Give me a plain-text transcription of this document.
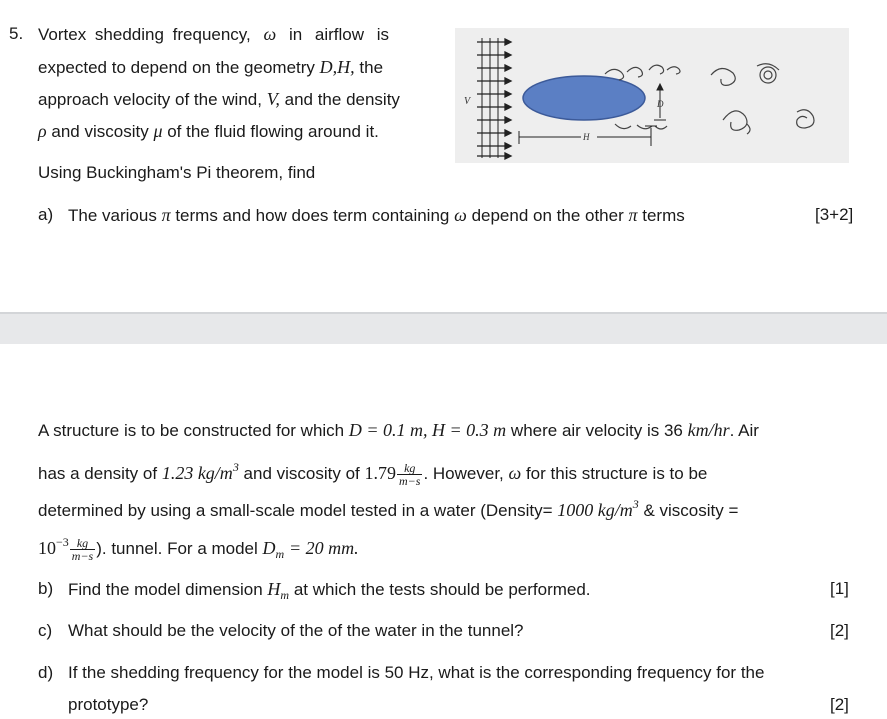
5. Vortex shedding frequency, ω in airflow is
expected to depend on the geometry D,H, the
approach velocity of the wind, V, and the density
ρ and viscosity μ of the fluid flowing around it.
Using Buckingham's Pi theorem, find
a) The various π terms and how does term containing ω depend on the other π terms	[3+2]
V	D
H
A structure is to be constructed for which D = 0.1 m, H = 0.3 m where air velocity is 36 km/hr. Air
has a density of 1.23 $kg/m^3$ and viscosity of $1.79 \frac{kg}{m-s}$ . However, ω for this structure is to be
determined by using a small-scale model tested in a water (Density= 1000 $kg/m^3$ & viscosity =
$10^{-3} \frac{kg}{m-s}$ ). tunnel. For a model $D_m = 20$ mm.
b) Find the model dimension $H_m$ at which the tests should be performed.	[1]
c) What should be the velocity of the of the water in the tunnel?	[2]
d) If the shedding frequency for the model is 50 Hz, what is the corresponding frequency for the
prototype?	[2]
